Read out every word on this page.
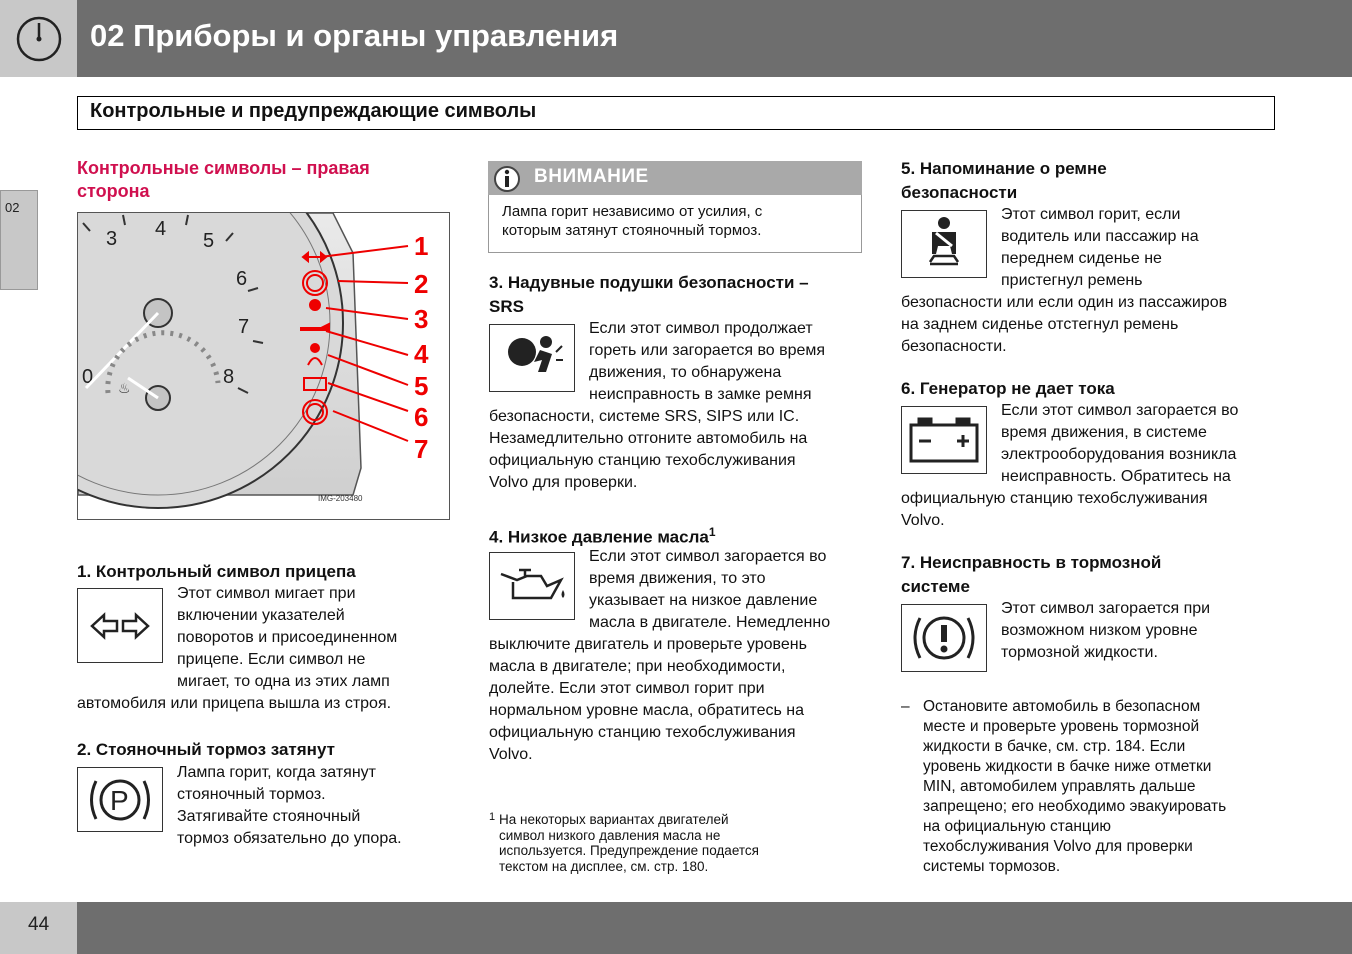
02 Приборы и органы управления
Контрольные и предупреждающие символы
02
Контрольные символы – правая
сторона
3 4
5
6
7
8
0 ♨
1
2
3
4
5
6
7
IMG-203480
1. Контрольный символ прицепа
Этот символ мигает при
включении указателей
поворотов и присоединенном
прицепе. Если символ не
мигает, то одна из этих ламп
автомобиля или прицепа вышла из строя.
2. Стояночный тормоз затянут
P
Лампа горит, когда затянут
стояночный тормоз.
Затягивайте стояночный
тормоз обязательно до упора.
ВНИМАНИЕ
Лампа горит независимо от усилия, с
которым затянут стояночный тормоз.
3. Надувные подушки безопасности –
SRS
Если этот символ продолжает
гореть или загорается во время
движения, то обнаружена
неисправность в замке ремня
безопасности, системе SRS, SIPS или IC.
Незамедлительно отгоните автомобиль на
официальную станцию техобслуживания
Volvo для проверки.
4. Низкое давление масла$^1$
Если этот символ загорается во
время движения, то это
указывает на низкое давление
масла в двигателе. Немедленно
выключите двигатель и проверьте уровень
масла в двигателе; при необходимости,
долейте. Если этот символ горит при
нормальном уровне масла, обратитесь на
официальную станцию техобслуживания
Volvo.
1 На некоторых вариантах двигателей
символ низкого давления масла не
используется. Предупреждение подается
текстом на дисплее, см. стр. 180.
5. Напоминание о ремне
безопасности
Этот символ горит, если
водитель или пассажир на
переднем сиденье не
пристегнул ремень
безопасности или если один из пассажиров
на заднем сиденье отстегнул ремень
безопасности.
6. Генератор не дает тока
Если этот символ загорается во
время движения, в системе
электрооборудования возникла
неисправность. Обратитесь на
официальную станцию техобслуживания
Volvo.
7. Неисправность в тормозной
системе
Этот символ загорается при
возможном низком уровне
тормозной жидкости.
– Остановите автомобиль в безопасном
месте и проверьте уровень тормозной
жидкости в бачке, см. стр. 184. Если
уровень жидкости в бачке ниже отметки
MIN, автомобилем управлять дальше
запрещено; его необходимо эвакуировать
на официальную станцию
техобслуживания Volvo для проверки
системы тормозов.
44
